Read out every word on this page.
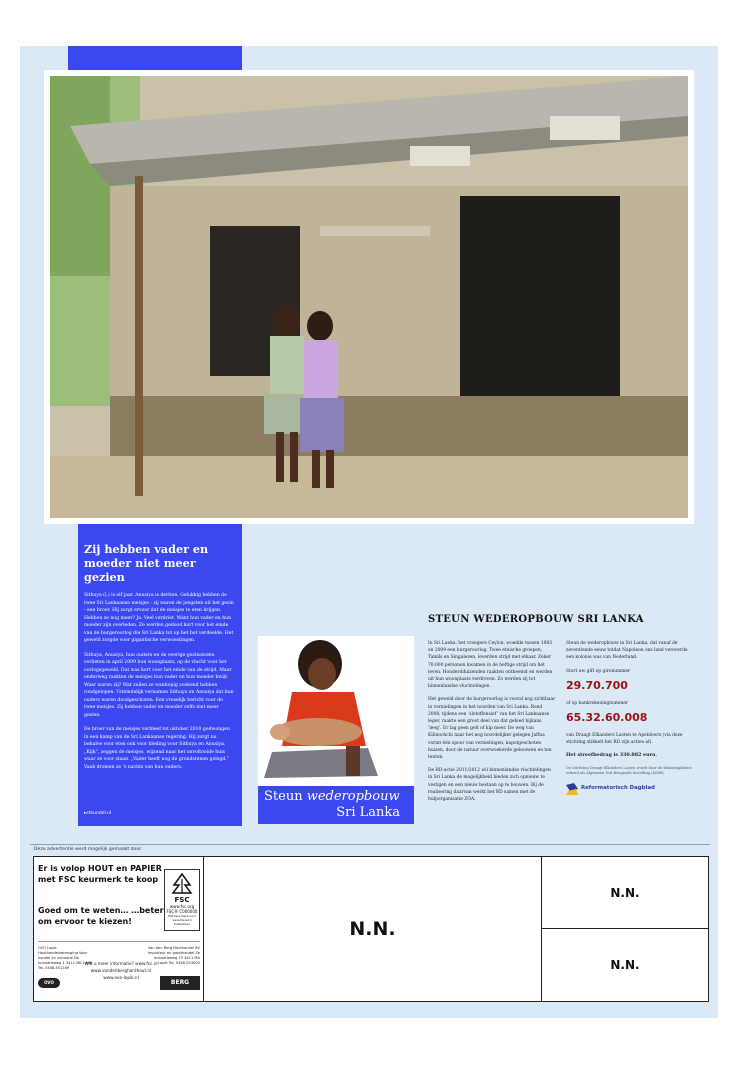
Zij hebben vader en
moeder niet meer gezien

Sithuya (l.) is elf jaar. Anusiya is dertien. Gelukkig hebben de twee Sri Lankaanse meisjes - zij waren de jongsten uit het gezin - een broer. Hij zorgt ervoor dat de meisjes te eten krijgen. Hebben ze nog meer? Ja. Veel verdriet. Want hun vader en hun moeder zijn overleden. Ze werden gedood kort voor het einde van de burgeroorlog die Sri Lanka tot op het bot verdeelde. Het geweld zorgde voor gigantische verwoestingen.

Sithuya, Anusiya, hun ouders en de overige gezinsleden verlieten in april 2009 hun woonplaats, op de vlucht voor het oorlogsgeweld. Dat was kort voor het einde van de strijd. Maar onderweg raakten de meisjes hun vader en hun moeder kwijt. Waar waren zij? Wat zullen ze wanhopig zoekend hebben rondgelopen. Uiteindelijk vernamen Sithuya en Anusiya dat hun ouders waren doodgeschoten. Een vreselijk bericht voor de twee meisjes. Zij hebben vader en moeder zelfs niet meer gezien.

De broer van de meisjes verbleef tot oktober 2010 gedwongen in een kamp van de Sri Lankaanse regering. Hij zorgt nu behalve voor eten ook voor kleding voor Sithuya en Anusiya. „Kijk”, zeggen de meisjes, wijzend naar het onvoltooide huis waar ze voor staan. „Vader heeft nog de grondstenen gelegd.” Vaak dromen ze ’s nachts van hun ouders.

▸steundel.nl
Steun wederopbouw
Sri Lanka
STEUN WEDEROPBOUW SRI LANKA

In Sri Lanka, het vroegere Ceylon, woedde tussen 1983 en 2009 een burgeroorlog. Twee etnische groepen, Tamils en Singalezen, leverden strijd met elkaar. Zeker 70.000 personen kwamen in de heftige strijd om het leven. Honderdduizenden raakten ontheemd en werden uit hun woonplaats verdreven. Zo werden zij tot binnenlandse vluchtelingen.

Het geweld door de burgeroorlog is vooral nog zichtbaar in vernielingen in het noorden van Sri Lanka. Rond 2008, tijdens een ‘slotoffensief’ van het Sri Lankaanse leger, raakte een groot deel van dat gebied bijkans ‘leeg’. Er lag geen gelt of kip meer. De weg van Kilinochchi naar het nog noordelijker gelegen Jaffna vormt één spoor van vernielingen, kapotgeschoten huizen, door de natuur overwoekerde gebouwen en ten tenten.

De RD-actie 2011/2012 wil binnenlandse vluchtelingen in Sri Lanka de mogelijkheid bieden zich opnieuw te vestigen en een nieuw bestaan op te bouwen. Bij de realisering daarvan werkt het RD samen met de hulporganisatie ZOA.

Steun de wederopbouw in Sri Lanka, dat vanaf de zeventiende eeuw totdat Napoleon ons land veroverde een kolonie was van Nederland.

Stort uw gift op gironummer

29.70.700

of op bankrekeningnummer

65.32.60.008

van Draagt Elkanders Lasten te Apeldoorn (via deze stichting stikkelt het RD zijn acties af).

Het streefbedrag is 330.882 euro.

De Stichting Draagt Elkanders Lasten wordt door de belastingdienst erkend als Algemeen Nut Beogende Instelling (ANBI).

Reformatorisch Dagblad
Deze advertentie werd mogelijk gemaakt door:
Er is volop HOUT en PAPIER met FSC keurmerk te koop
Goed om te weten… …beter om ervoor te kiezen!
FSC
www.fsc.org
FSC® C000000
Het keurmerk voor verantwoord bosbeheer
OVO Lopik Houthandelvereniging Voor handel en industrie De Industrieweg 1 3411 MB Lopik Tel. 0348-551169
Wilt u meer informatie? www.fsc.nl www.vandenberghardhout.nl www.ovo-lopik.nl
Van den Berg Houthandel BV Importeur en groothandel Ze Industrieweg 15 3411 MA Lopik Tel. 0348-553000
OVO LOPIK
BERG
N.N.
N.N.
N.N.
